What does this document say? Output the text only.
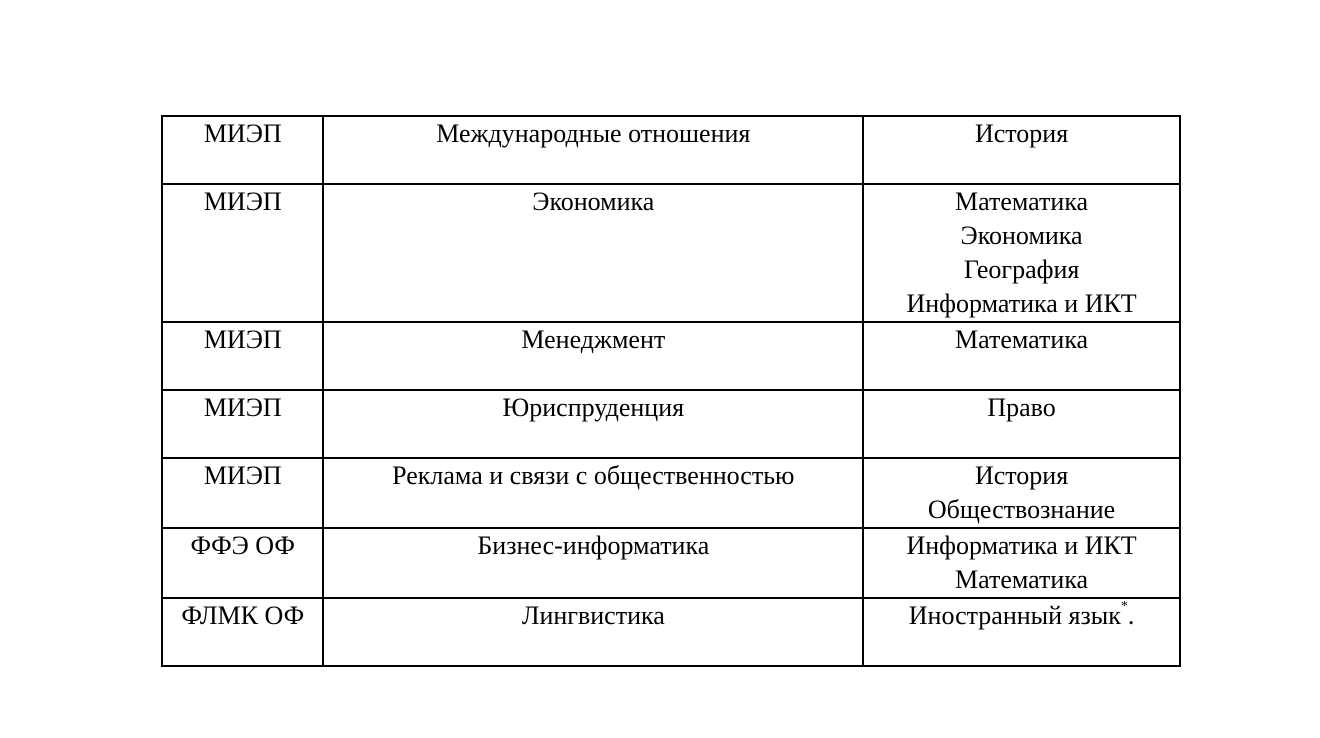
МИЭП	Международные отношения	История

МИЭП	Экономика	Математика
Экономика
География
Информатика и ИКТ

МИЭП	Менеджмент	Математика

МИЭП	Юриспруденция	Право

МИЭП	Реклама и связи с общественностью	История
Обществознание

ФФЭ ОФ	Бизнес-информатика	Информатика и ИКТ
Математика

ФЛМК ОФ	Лингвистика	Иностранный язык*.
